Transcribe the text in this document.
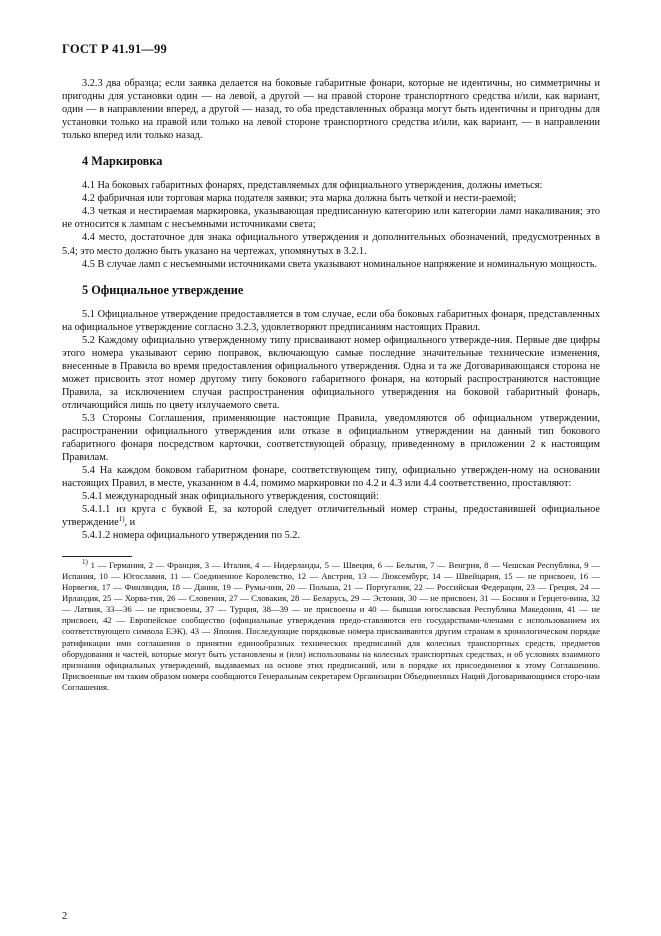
ГОСТ Р 41.91—99

3.2.3 два образца; если заявка делается на боковые габаритные фонари, которые не идентичны, но симметричны и пригодны для установки один — на левой, а другой — на правой стороне транспортного средства и/или, как вариант, один — в направлении вперед, а другой — назад, то оба представленных образца могут быть идентичны и пригодны для установки только на правой или только на левой стороне транспортного средства и/или, как вариант, — в направлении только вперед или только назад.

4 Маркировка

4.1 На боковых габаритных фонарях, представляемых для официального утверждения, должны иметься:

4.2 фабричная или торговая марка подателя заявки; эта марка должна быть четкой и нести-раемой;

4.3 четкая и нестираемая маркировка, указывающая предписанную категорию или категории ламп накаливания; это не относится к лампам с несъемными источниками света;

4.4 место, достаточное для знака официального утверждения и дополнительных обозначений, предусмотренных в 5.4; это место должно быть указано на чертежах, упомянутых в 3.2.1.

4.5 В случае ламп с несъемными источниками света указывают номинальное напряжение и номинальную мощность.

5 Официальное утверждение

5.1 Официальное утверждение предоставляется в том случае, если оба боковых габаритных фонаря, представленных на официальное утверждение согласно 3.2.3, удовлетворяют предписаниям настоящих Правил.

5.2 Каждому официально утвержденному типу присваивают номер официального утвержде-ния. Первые две цифры этого номера указывают серию поправок, включающую самые последние значительные технические изменения, внесенные в Правила во время предоставления официального утверждения. Одна и та же Договаривающаяся сторона не может присвоить этот номер другому типу бокового габаритного фонаря, на который распространяются настоящие Правила, за исключением случая распространения официального утверждения на боковой габаритный фонарь, отличающийся лишь по цвету излучаемого света.

5.3 Стороны Соглашения, применяющие настоящие Правила, уведомляются об официальном утверждении, распространении официального утверждения или отказе в официальном утверждении на данный тип бокового габаритного фонаря посредством карточки, соответствующей образцу, приведенному в приложении 2 к настоящим Правилам.

5.4 На каждом боковом габаритном фонаре, соответствующем типу, официально утвержден-ному на основании настоящих Правил, в месте, указанном в 4.4, помимо маркировки по 4.2 и 4.3 или 4.4 соответственно, проставляют:

5.4.1 международный знак официального утверждения, состоящий:

5.4.1.1 из круга с буквой Е, за которой следует отличительный номер страны, предоставившей официальное утверждение$^{1)}$, и

5.4.1.2 номера официального утверждения по 5.2.

$^{1)}$ 1 — Германия, 2 — Франция, 3 — Италия, 4 — Нидерланды, 5 — Швеция, 6 — Бельгия, 7 — Венгрия, 8 — Чешская Республика, 9 — Испания, 10 — Югославия, 11 — Соединенное Королевство, 12 — Австрия, 13 — Люксембург, 14 — Швейцария, 15 — не присвоен, 16 — Норвегия, 17 — Финляндия, 18 — Дания, 19 — Румы-ния, 20 — Польша, 21 — Португалия, 22 — Российская Федерация, 23 — Греция, 24 — Ирландия, 25 — Хорва-тия, 26 — Словения, 27 — Словакия, 28 — Беларусь, 29 — Эстония, 30 — не присвоен, 31 — Босния и Герцего-вина, 32 — Латвия, 33—36 — не присвоены, 37 — Турция, 38—39 — не присвоены и 40 — бывшая югославская Республика Македония, 41 — не присвоен, 42 — Европейское сообщество (официальные утверждения предо-ставляются его государствами-членами с использованием их соответствующего символа ЕЭК). 43 — Япония. Последующие порядковые номера присваиваются другим странам в хронологическом порядке ратификации ими соглашения о принятии единообразных технических предписаний для колесных транспортных средств, предметов оборудования и частей, которые могут быть установлены и (или) использованы на колесных транспортных средствах, и об условиях взаимного признания официальных утверждений, выдаваемых на основе этих предписаний, или в порядке их присоединения к этому Соглашению. Присвоенные им таким образом номера сообщаются Генеральным секретарем Организации Объединенных Наций Договаривающимся сторо-нам Соглашения.
2
